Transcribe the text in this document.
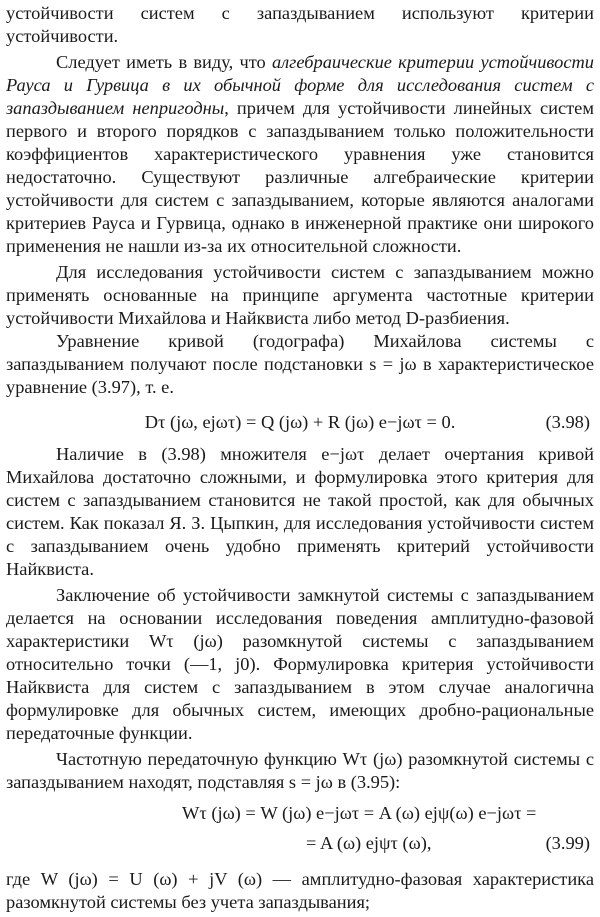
устойчивости систем с запаздыванием используют критерии устойчивости.

Следует иметь в виду, что алгебраические критерии устойчивости Рауса и Гурвица в их обычной форме для исследования систем с запаздыванием непригодны, причем для устойчивости линейных систем первого и второго порядков с запаздыванием только положительности коэффициентов характеристического уравнения уже становится недостаточно. Существуют различные алгебраические критерии устойчивости для систем с запаздыванием, которые являются аналогами критериев Рауса и Гурвица, однако в инженерной практике они широкого применения не нашли из-за их относительной сложности.

Для исследования устойчивости систем с запаздыванием можно применять основанные на принципе аргумента частотные критерии устойчивости Михайлова и Найквиста либо метод D-разбиения.

Уравнение кривой (годографа) Михайлова системы с запаздыванием получают после подстановки s = jω в характеристическое уравнение (3.97), т. е.

Dτ (jω, ejωτ) = Q (jω) + R (jω) e−jωτ = 0.	(3.98)

Наличие в (3.98) множителя e−jωτ делает очертания кривой Михайлова достаточно сложными, и формулировка этого критерия для систем с запаздыванием становится не такой простой, как для обычных систем. Как показал Я. З. Цыпкин, для исследования устойчивости систем с запаздыванием очень удобно применять критерий устойчивости Найквиста.

Заключение об устойчивости замкнутой системы с запаздыванием делается на основании исследования поведения амплитудно-фазовой характеристики Wτ (jω) разомкнутой системы с запаздыванием относительно точки (—1, j0). Формулировка критерия устойчивости Найквиста для систем с запаздыванием в этом случае аналогична формулировке для обычных систем, имеющих дробно-рациональные передаточные функции.

Частотную передаточную функцию Wτ (jω) разомкнутой системы с запаздыванием находят, подставляя s = jω в (3.95):

Wτ (jω) = W (jω) e−jωτ = A (ω) ejψ(ω) e−jωτ =
= A (ω) ejψτ (ω),	(3.99)

где W (jω) = U (ω) + jV (ω) — амплитудно-фазовая характеристика разомкнутой системы без учета запаздывания;
